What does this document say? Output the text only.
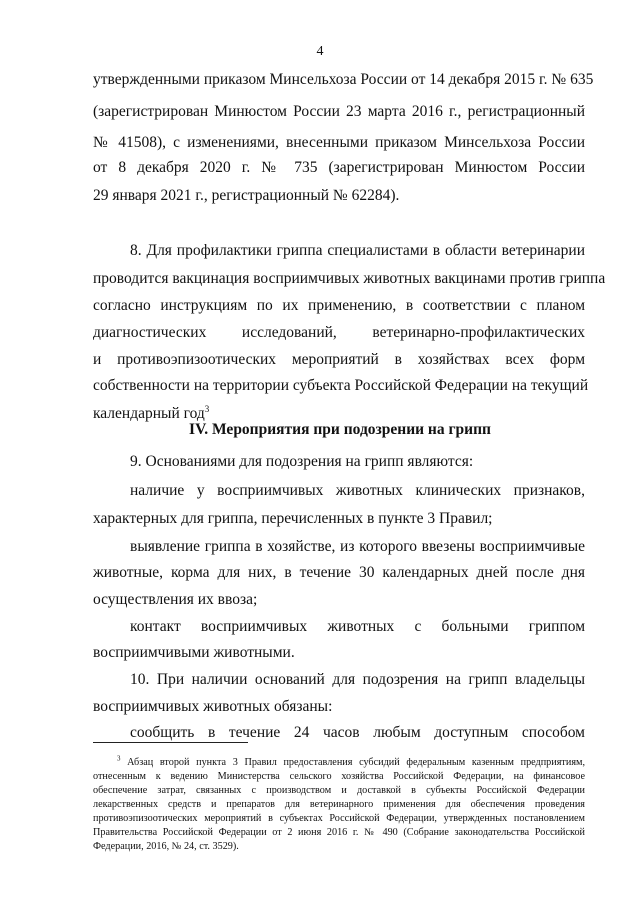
4
утвержденными приказом Минсельхоза России от 14 декабря 2015 г. № 635
(зарегистрирован Минюстом России 23 марта 2016 г., регистрационный
№ 41508), с изменениями, внесенными приказом Минсельхоза России
от 8 декабря 2020 г. № 735 (зарегистрирован Минюстом России
29 января 2021 г., регистрационный № 62284).
8. Для профилактики гриппа специалистами в области ветеринарии
проводится вакцинация восприимчивых животных вакцинами против гриппа
согласно инструкциям по их применению, в соответствии с планом
диагностических исследований, ветеринарно-профилактических
и противоэпизоотических мероприятий в хозяйствах всех форм
собственности на территории субъекта Российской Федерации на текущий
календарный год$^3$
IV. Мероприятия при подозрении на грипп
9. Основаниями для подозрения на грипп являются:
наличие у восприимчивых животных клинических признаков,
характерных для гриппа, перечисленных в пункте 3 Правил;
выявление гриппа в хозяйстве, из которого ввезены восприимчивые
животные, корма для них, в течение 30 календарных дней после дня
осуществления их ввоза;
контакт восприимчивых животных с больными гриппом
восприимчивыми животными.
10. При наличии оснований для подозрения на грипп владельцы
восприимчивых животных обязаны:
сообщить в течение 24 часов любым доступным способом
$^3$ Абзац второй пункта 3 Правил предоставления субсидий федеральным казенным предприятиям,
отнесенным к ведению Министерства сельского хозяйства Российской Федерации, на финансовое
обеспечение затрат, связанных с производством и доставкой в субъекты Российской Федерации
лекарственных средств и препаратов для ветеринарного применения для обеспечения проведения
противоэпизоотических мероприятий в субъектах Российской Федерации, утвержденных постановлением
Правительства Российской Федерации от 2 июня 2016 г. № 490 (Собрание законодательства Российской
Федерации, 2016, № 24, ст. 3529).
